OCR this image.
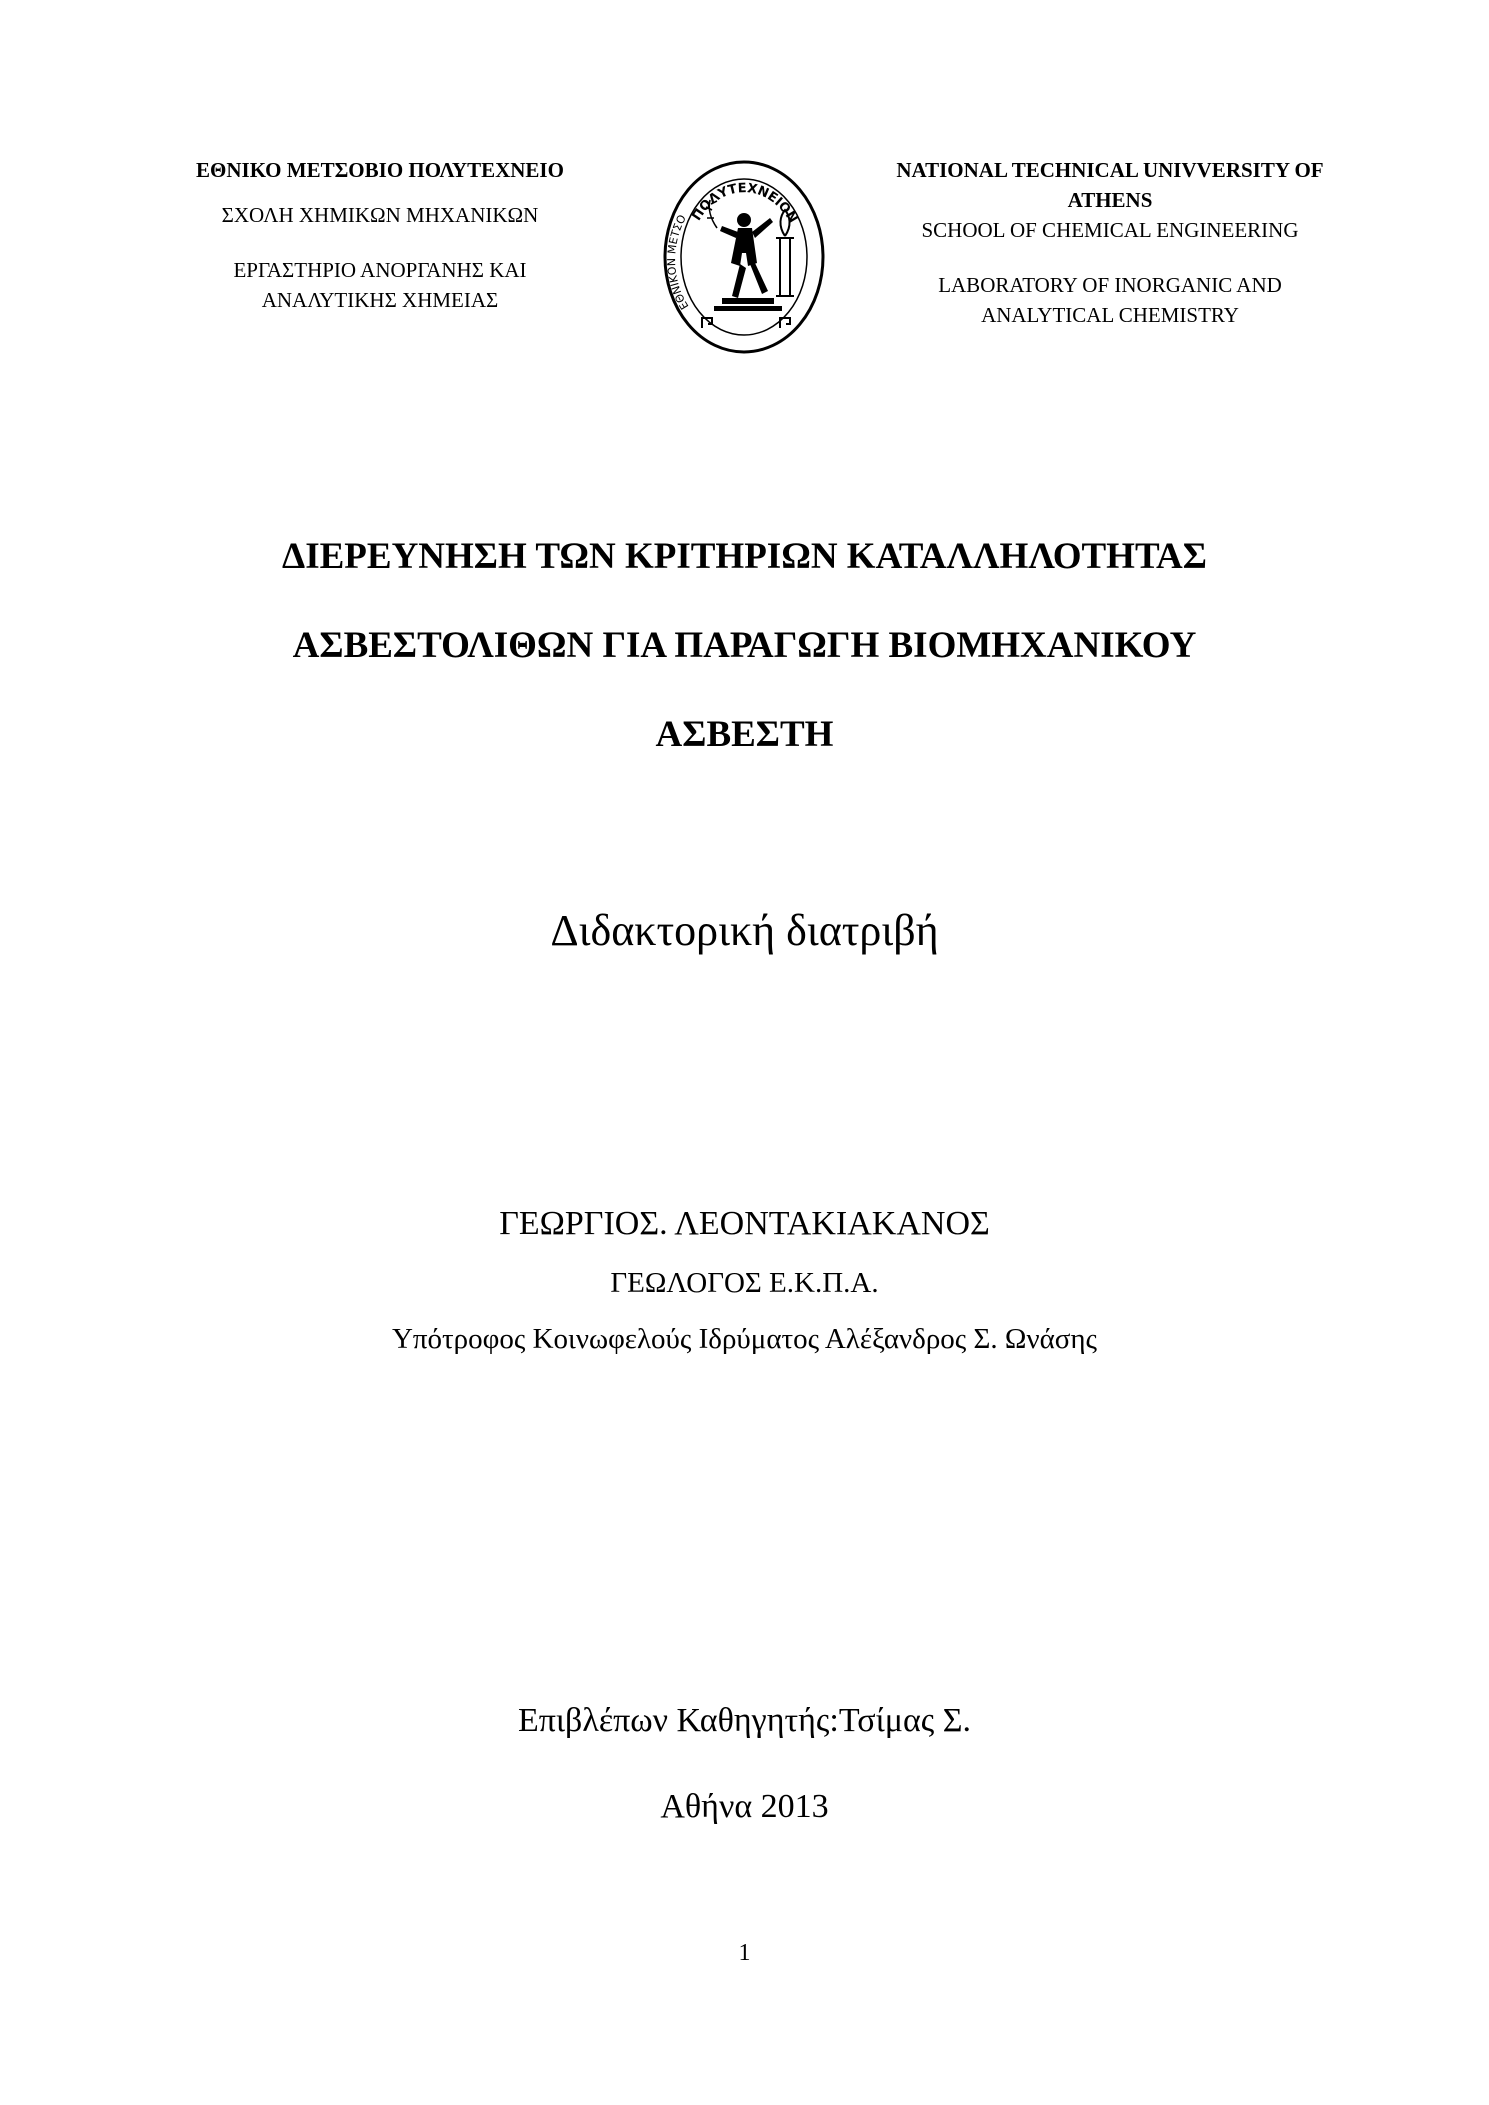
ΕΘΝΙΚΟ ΜΕΤΣΟΒΙΟ ΠΟΛΥΤΕΧΝΕΙΟ
ΣΧΟΛΗ ΧΗΜΙΚΩΝ ΜΗΧΑΝΙΚΩΝ
ΕΡΓΑΣΤΗΡΙΟ ΑΝΟΡΓΑΝΗΣ ΚΑΙ
ΑΝΑΛΥΤΙΚΗΣ ΧΗΜΕΙΑΣ
ΠΟΛΥΤΕΧΝΕΙΟΝ
ΕΘΝΙΚΟΝ ΜΕΤΣΟ
NATIONAL TECHNICAL UNIVVERSITY OF
ATHENS
SCHOOL OF CHEMICAL ENGINEERING
LABORATORY OF INORGANIC AND
ANALYTICAL CHEMISTRY
ΔΙΕΡΕΥΝΗΣΗ ΤΩΝ ΚΡΙΤΗΡΙΩΝ ΚΑΤΑΛΛΗΛΟΤΗΤΑΣ
ΑΣΒΕΣΤΟΛΙΘΩΝ ΓΙΑ ΠΑΡΑΓΩΓΗ ΒΙΟΜΗΧΑΝΙΚΟΥ
ΑΣΒΕΣΤΗ
Διδακτορική διατριβή
ΓΕΩΡΓΙΟΣ. ΛΕΟΝΤΑΚΙΑΚΑΝΟΣ
ΓΕΩΛΟΓΟΣ Ε.Κ.Π.Α.
Υπότροφος Κοινωφελούς Ιδρύματος Αλέξανδρος Σ. Ωνάσης
Επιβλέπων Καθηγητής:Τσίμας Σ.
Αθήνα 2013
1
